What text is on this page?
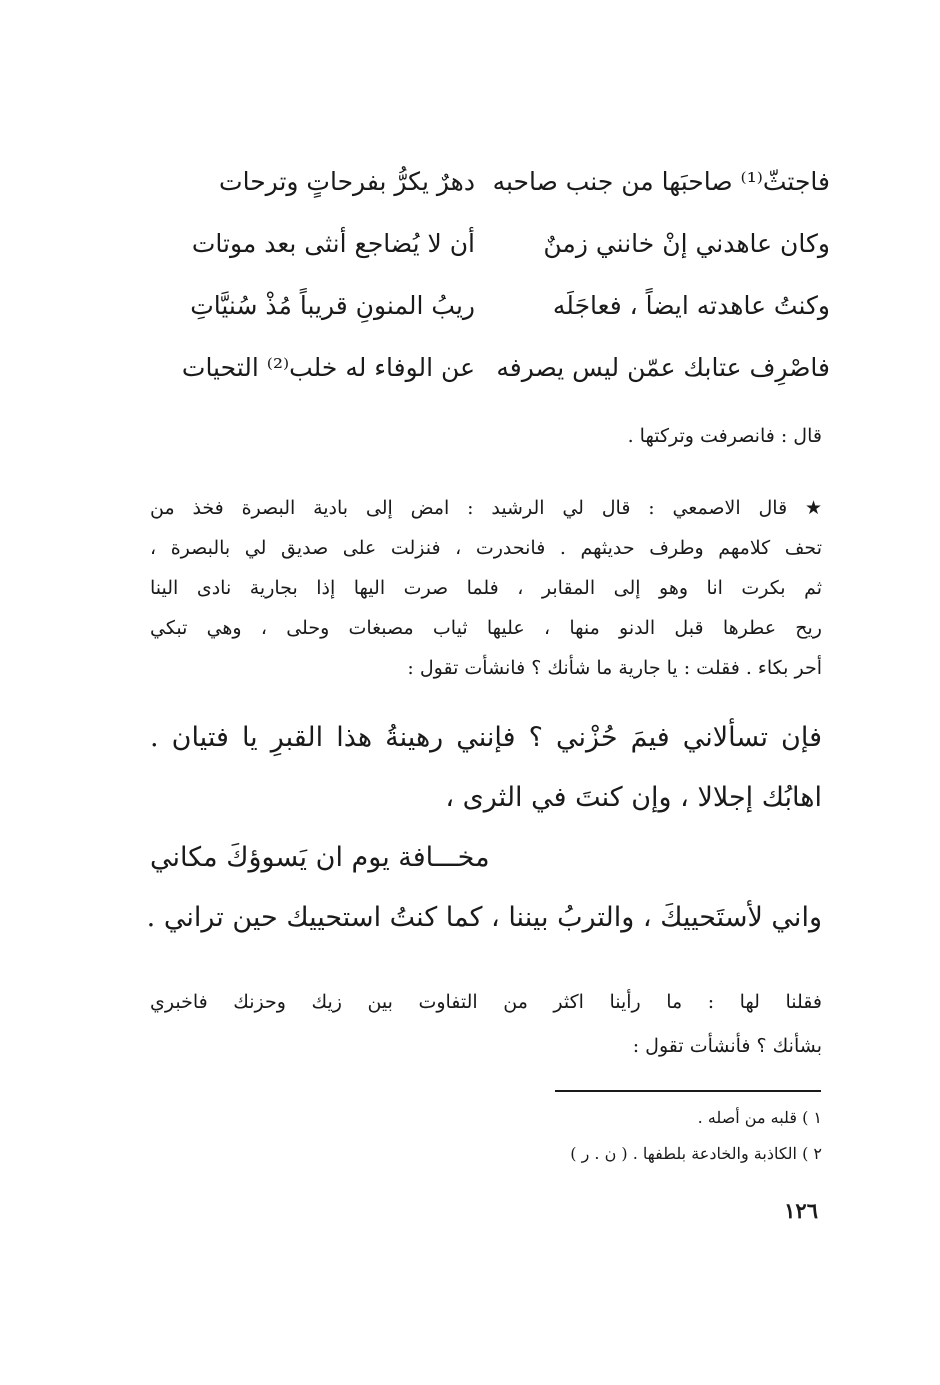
فاجتثّ⁽¹⁾ صاحبَها من جنب صاحبه
دهرٌ يكرُّ بفرحاتٍ وترحات
وكان عاهدني إنْ خانني زمنٌ
أن لا يُضاجع أنثى بعد موتات
وكنتُ عاهدته ايضاً ، فعاجَلَه
ريبُ المنونِ قريباً مُذْ سُنيَّاتِ
فاصْرِف عتابك عمّن ليس يصرفه
عن الوفاء له خلب⁽²⁾ التحيات
قال : فانصرفت وتركتها .
★ قال الاصمعي : قال لي الرشيد : امض إلى بادية البصرة فخذ من
تحف كلامهم وطرف حديثهم . فانحدرت ، فنزلت على صديق لي بالبصرة ،
ثم بكرت انا وهو إلى المقابر ، فلما صرت اليها إذا بجارية نادى الينا
ريح عطرها قبل الدنو منها ، عليها ثياب مصبغات وحلى ، وهي تبكي
أحر بكاء . فقلت : يا جارية ما شأنك ؟ فانشأت تقول :
فإن تسألاني فيمَ حُزْني ؟ فإنني رهينةُ هذا القبرِ يا فتيان .
اهابُك إجلالا ، وإن كنتَ في الثرى ،
مخـــافة يوم ان يَسوؤكَ مكاني
واني لأستَحييكَ ، والتربُ بيننا ، كما كنتُ استحييك حين تراني .
فقلنا لها : ما رأينا اكثر من التفاوت بين زيك وحزنك فاخبري
بشأنك ؟ فأنشأت تقول :
١ ) قلبه من أصله .
٢ ) الكاذبة والخادعة بلطفها . ( ن . ر )
١٢٦
